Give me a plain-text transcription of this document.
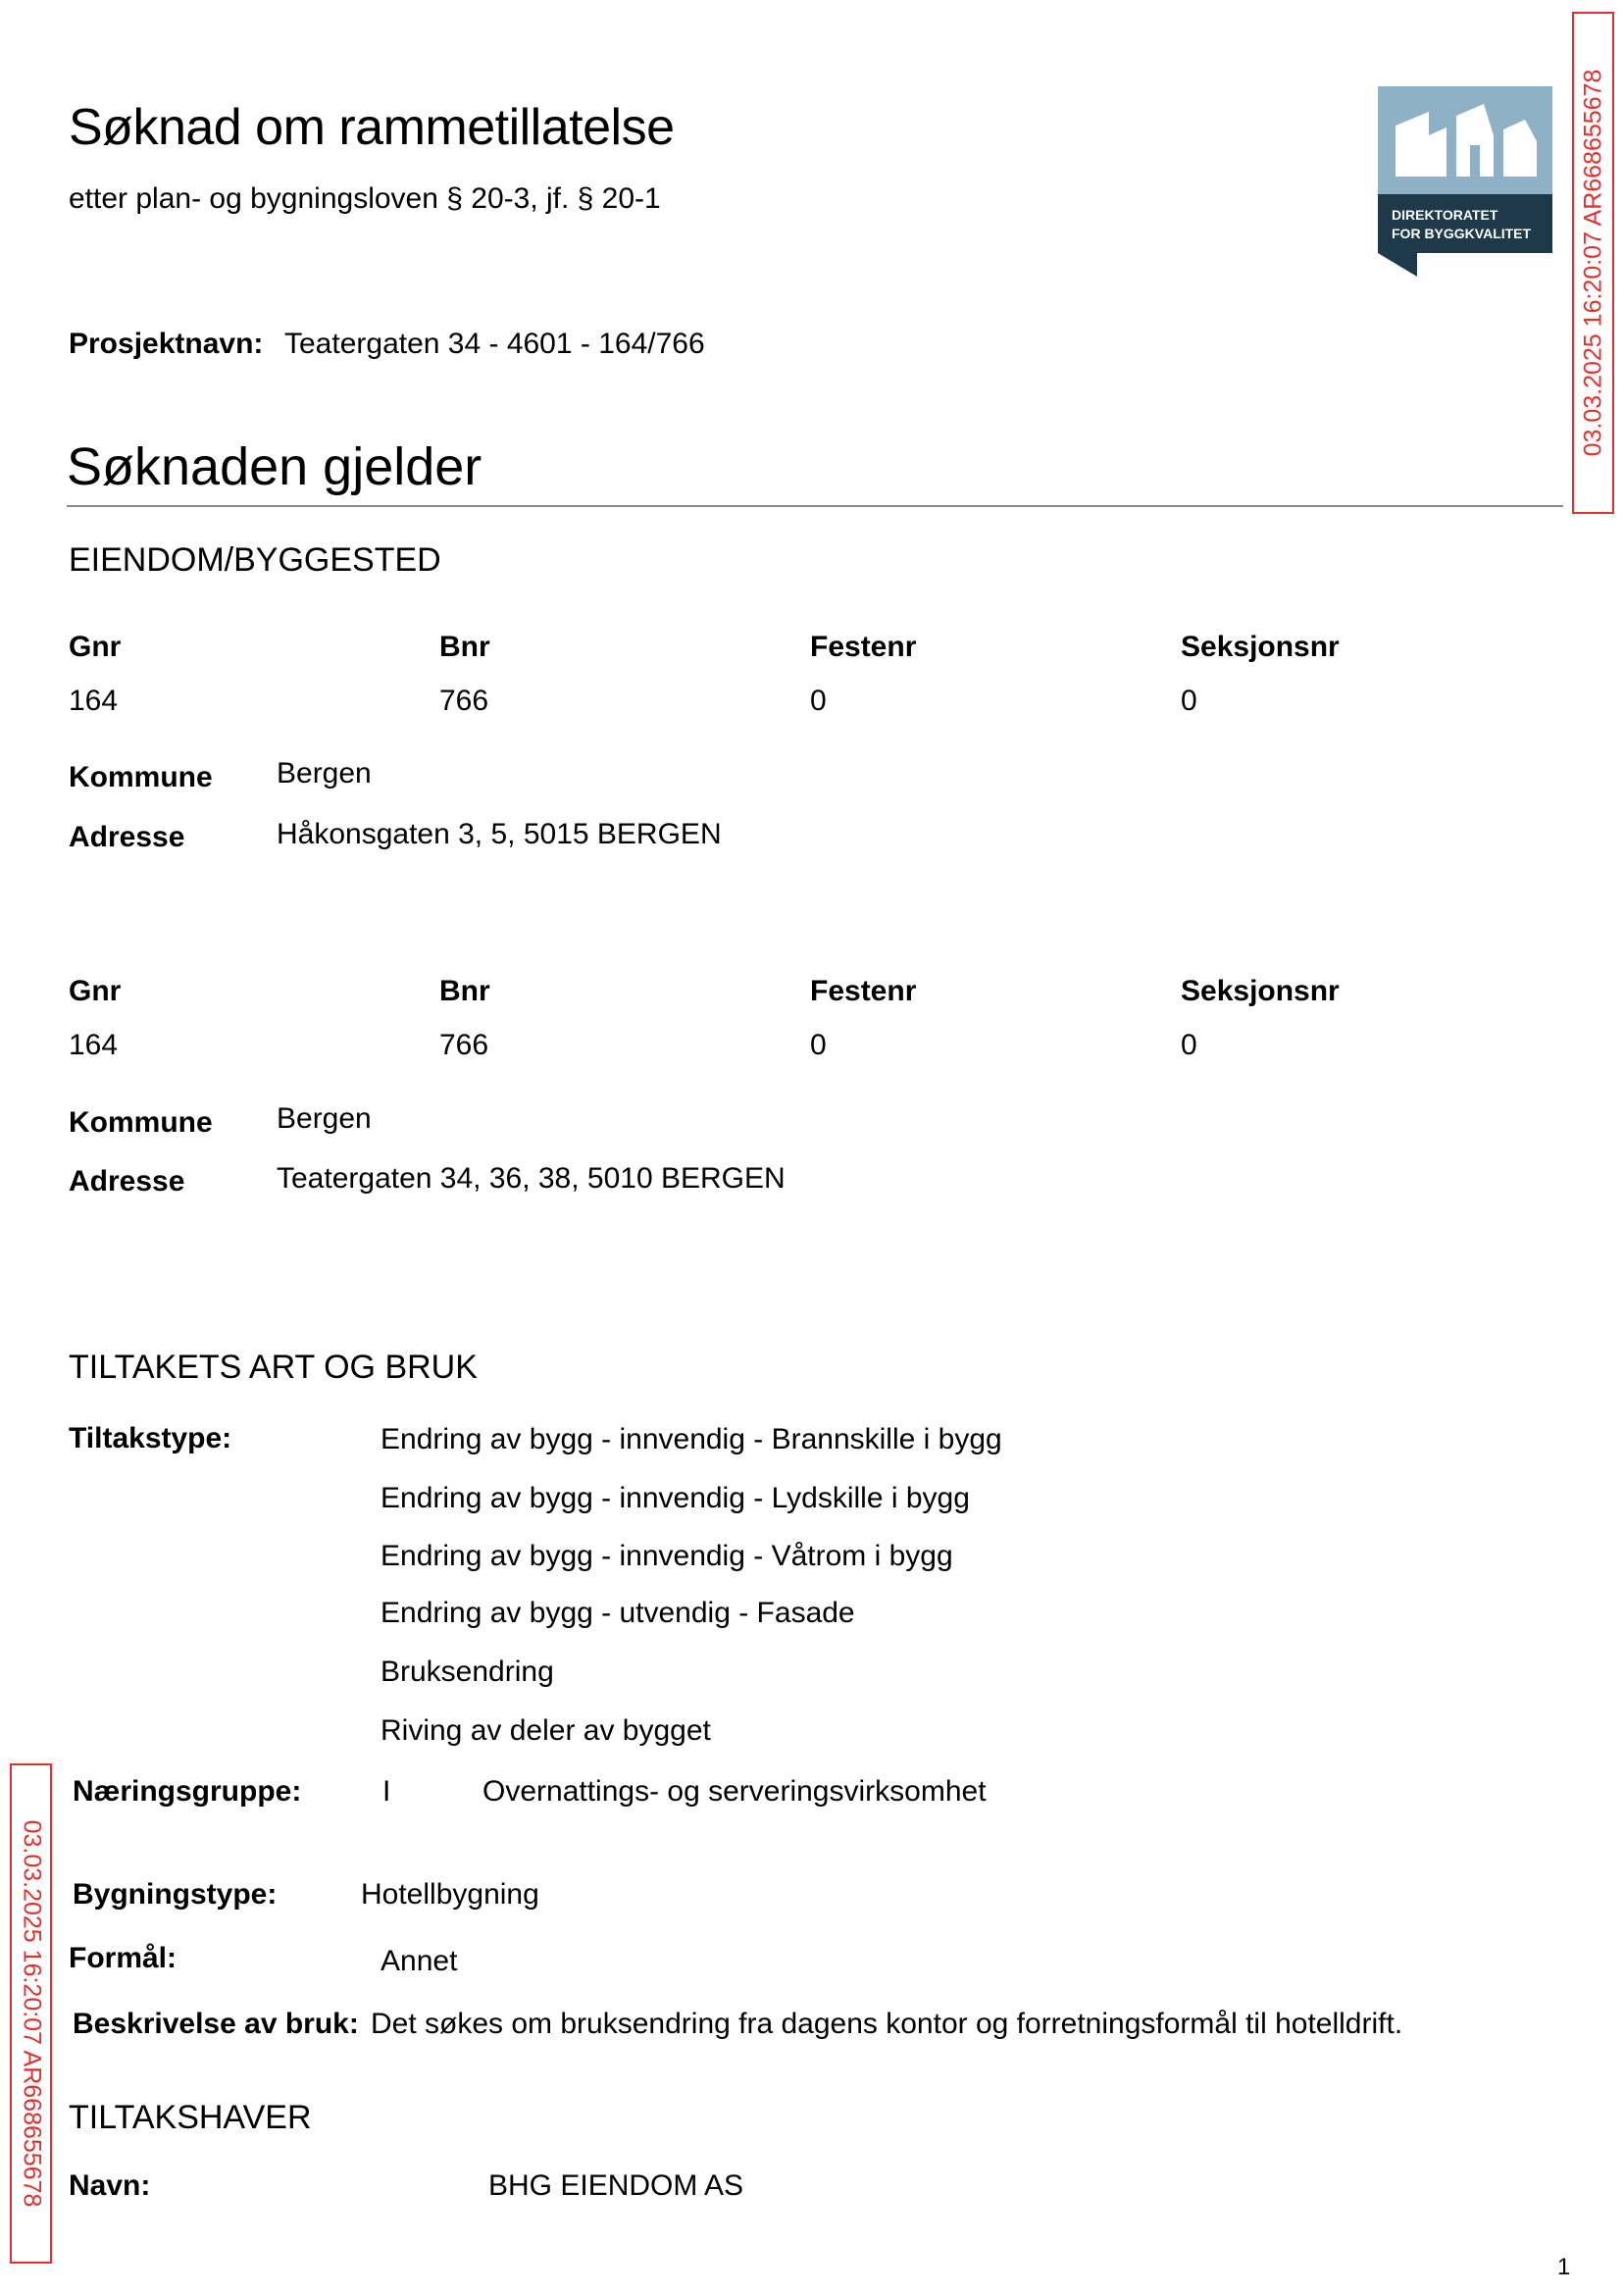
Søknad om rammetillatelse
etter plan- og bygningsloven § 20-3, jf. § 20-1	DIREKTORATET
FOR BYGGKVALITET 03.03.2025 16:20:07 AR668655678
03.03.2025 16:20:07 AR668655678
Prosjektnavn: Teatergaten 34 - 4601 - 164/766
Søknaden gjelder
EIENDOM/BYGGESTED
Gnr	Bnr	Festenr	Seksjonsnr
164	766	0	0
Kommune Bergen
Adresse	Håkonsgaten 3, 5, 5015 BERGEN
Gnr	Bnr	Festenr	Seksjonsnr
164	766	0	0
Kommune Bergen
Adresse	Teatergaten 34, 36, 38, 5010 BERGEN
TILTAKETS ART OG BRUK
Tiltakstype:	Endring av bygg - innvendig - Brannskille i bygg
Endring av bygg - innvendig - Lydskille i bygg
Endring av bygg - innvendig - Våtrom i bygg
Endring av bygg - utvendig - Fasade
Bruksendring
Riving av deler av bygget
Næringsgruppe:	I	Overnattings- og serveringsvirksomhet
Bygningstype:	Hotellbygning
Formål:	Annet
Beskrivelse av bruk: Det søkes om bruksendring fra dagens kontor og forretningsformål til hotelldrift.
TILTAKSHAVER
Navn:	BHG EIENDOM AS
1
